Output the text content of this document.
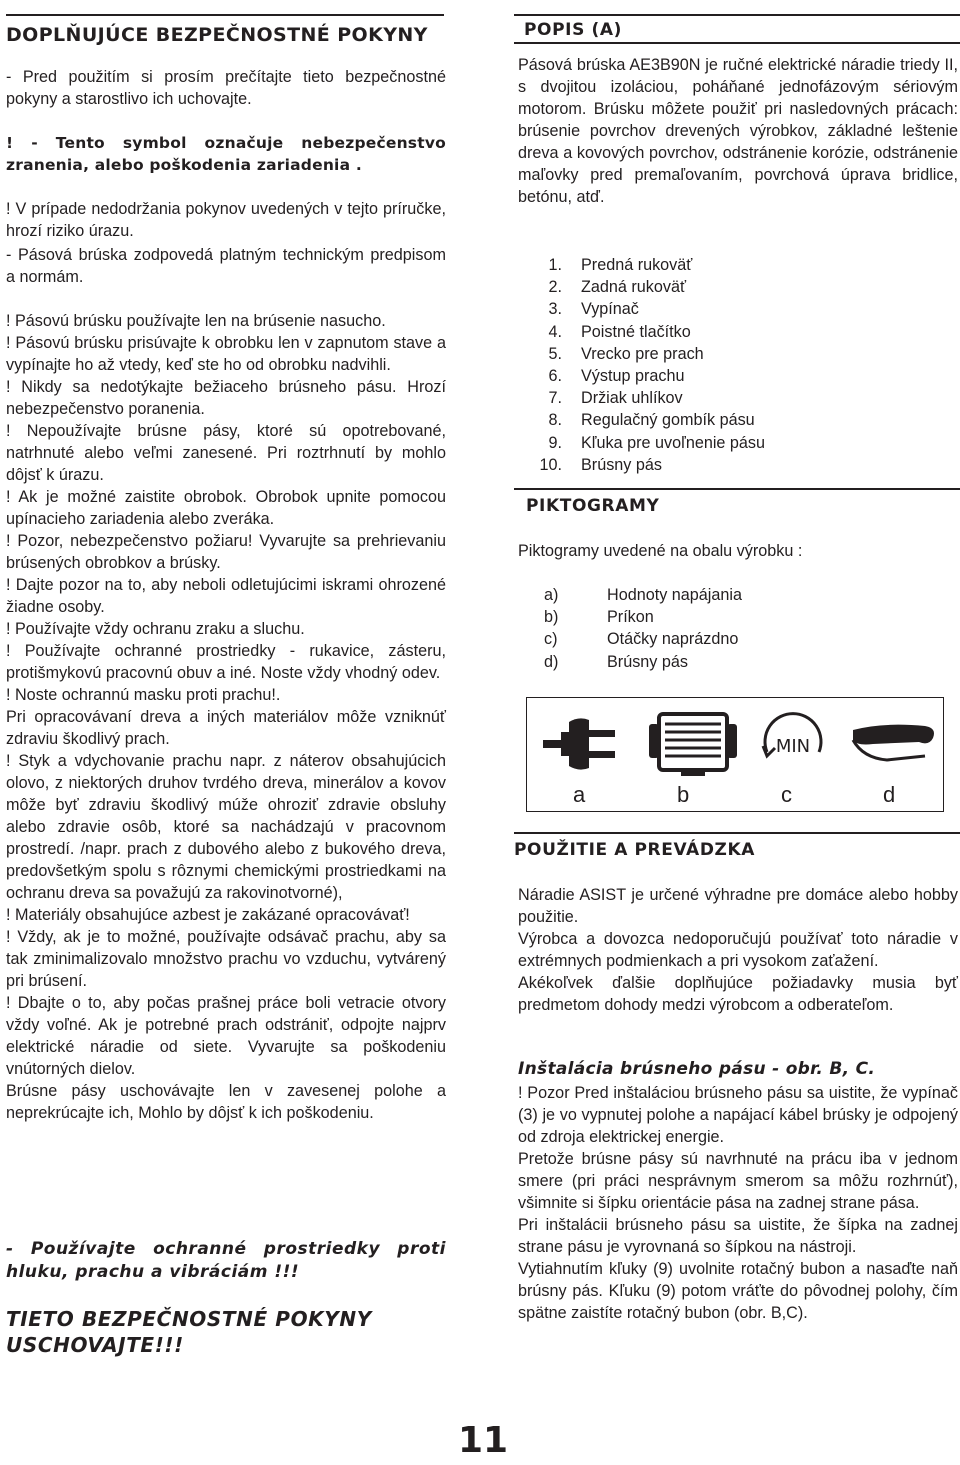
DOPLŇUJÚCE BEZPEČNOSTNÉ POKYNY

- Pred použitím si prosím prečítajte tieto bezpečnostné pokyny a starostlivo ich uchovajte.

! - Tento symbol označuje nebezpečenstvo zranenia, alebo poškodenia zariadenia .

! V prípade nedodržania pokynov uvedených v tejto príručke, hrozí riziko úrazu.

- Pásová brúska zodpovedá platným technickým predpisom a normám.

! Pásovú brúsku používajte len na brúsenie nasucho.

! Pásovú brúsku prisúvajte k obrobku len v zapnutom stave a vypínajte ho až vtedy, keď ste ho od obrobku nadvihli.

! Nikdy sa nedotýkajte bežiaceho brúsneho pásu. Hrozí nebezpečenstvo poranenia.

! Nepoužívajte brúsne pásy, ktoré sú opotrebované, natrhnuté alebo veľmi zanesené. Pri roztrhnutí by mohlo dôjsť k úrazu.

! Ak je možné zaistite obrobok. Obrobok upnite pomocou upínacieho zariadenia alebo zveráka.

! Pozor, nebezpečenstvo požiaru! Vyvarujte sa prehrievaniu brúsených obrobkov a brúsky.

! Dajte pozor na to, aby neboli odletujúcimi iskrami ohrozené žiadne osoby.

! Používajte vždy ochranu zraku a sluchu.

! Používajte ochranné prostriedky - rukavice, zásteru, protišmykovú pracovnú obuv a iné. Noste vždy vhodný odev.

! Noste ochrannú masku proti prachu!.

Pri opracovávaní dreva a iných materiálov môže vzniknúť zdraviu škodlivý prach.

! Styk a vdychovanie prachu napr. z náterov obsahujúcich olovo, z niektorých druhov tvrdého dreva, minerálov a kovov môže byť zdraviu škodlivý múže ohroziť zdravie obsluhy alebo zdravie osôb, ktoré sa nachádzajú v pracovnom prostredí. /napr. prach z dubového alebo z bukového dreva, predovšetkým spolu s rôznymi chemickými prostriedkami na ochranu dreva sa považujú za rakovinotvorné),

! Materiály obsahujúce azbest je zakázané opracovávať!

! Vždy, ak je to možné, používajte odsávač prachu, aby sa tak zminimalizovalo množstvo prachu vo vzduchu, vytvárený pri brúsení.

! Dbajte o to, aby počas prašnej práce boli vetracie otvory vždy voľné. Ak je potrebné prach odstrániť, odpojte najprv elektrické náradie od siete. Vyvarujte sa poškodeniu vnútorných dielov.

Brúsne pásy uschovávajte len v zavesenej polohe a neprekrúcajte ich, Mohlo by dôjsť k ich poškodeniu.

- Používajte ochranné prostriedky proti hluku, prachu a vibráciám !!!

TIETO BEZPEČNOSTNÉ POKYNY USCHOVAJTE!!!

POPIS (A)

Pásová brúska AE3B90N je ručné elektrické náradie triedy II, s dvojitou izoláciou, poháňané jednofázovým sériovým motorom. Brúsku môžete použiť pri nasledovných prácach: brúsenie povrchov drevených výrobkov, základné leštenie dreva a kovových povrchov, odstránenie korózie, odstránenie maľovky pred premaľovaním, povrchová úprava bridlice, betónu, atď.

1. Predná rukoväť
2. Zadná rukoväť
3. Vypínač
4. Poistné tlačítko
5. Vrecko pre prach
6. Výstup prachu
7. Držiak uhlíkov
8. Regulačný gombík pásu
9. Kľuka pre uvoľnenie pásu
10. Brúsny pás
PIKTOGRAMY

Piktogramy uvedené na obalu výrobku :

a)	Hodnoty napájania
b)	Príkon
c)	Otáčky naprázdno
d)	Brúsny pás
MIN
a	b	c	d
POUŽITIE A PREVÁDZKA

Náradie ASIST je určené výhradne pre domáce alebo hobby použitie.

Výrobca a dovozca nedoporučujú používať toto náradie v extrémnych podmienkach a pri vysokom zaťažení.

Akékoľvek ďalšie doplňujúce požiadavky musia byť predmetom dohody medzi výrobcom a odberateľom.

Inštalácia brúsneho pásu - obr. B, C.

! Pozor Pred inštaláciou brúsneho pásu sa uistite, že vypínač (3) je vo vypnutej polohe a napájací kábel brúsky je odpojený od zdroja elektrickej energie.

Pretože brúsne pásy sú navrhnuté na prácu iba v jednom smere (pri práci nesprávnym smerom sa môžu rozhrnúť), všimnite si šípku orientácie pása na zadnej strane pása.

Pri inštalácii brúsneho pásu sa uistite, že šípka na zadnej strane pásu je vyrovnaná so šípkou na nástroji.

Vytiahnutím kľuky (9) uvolnite rotačný bubon a nasaďte naň brúsny pás. Kľuku (9) potom vráťte do pôvodnej polohy, čím spätne zaistíte rotačný bubon (obr. B,C).

11
